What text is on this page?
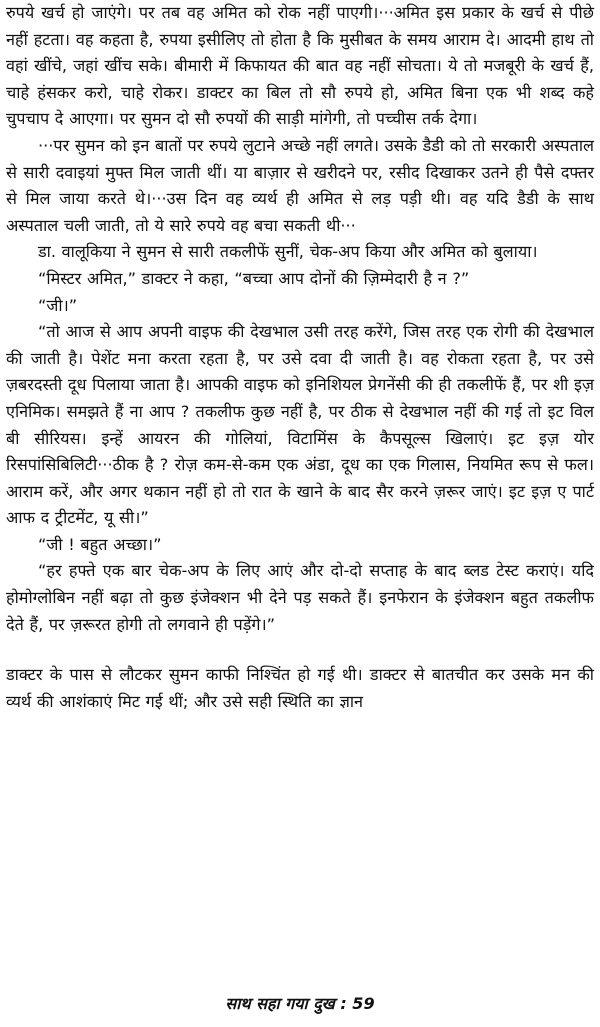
रुपये खर्च हो जाएंगे। पर तब वह अमित को रोक नहीं पाएगी।···अमित इस प्रकार के खर्च से पीछे नहीं हटता। वह कहता है, रुपया इसीलिए तो होता है कि मुसीबत के समय आराम दे। आदमी हाथ तो वहां खींचे, जहां खींच सके। बीमारी में किफायत की बात वह नहीं सोचता। ये तो मजबूरी के खर्च हैं, चाहे हंसकर करो, चाहे रोकर। डाक्टर का बिल तो सौ रुपये हो, अमित बिना एक भी शब्द कहे चुपचाप दे आएगा। पर सुमन दो सौ रुपयों की साड़ी मांगेगी, तो पच्चीस तर्क देगा।

···पर सुमन को इन बातों पर रुपये लुटाने अच्छे नहीं लगते। उसके डैडी को तो सरकारी अस्पताल से सारी दवाइयां मुफ्त मिल जाती थीं। या बाज़ार से खरीदने पर, रसीद दिखाकर उतने ही पैसे दफ्तर से मिल जाया करते थे।···उस दिन वह व्यर्थ ही अमित से लड़ पड़ी थी। वह यदि डैडी के साथ अस्पताल चली जाती, तो ये सारे रुपये वह बचा सकती थी···

डा. वालूकिया ने सुमन से सारी तकलीफें सुनीं, चेक-अप किया और अमित को बुलाया।

“मिस्टर अमित,” डाक्टर ने कहा, “बच्चा आप दोनों की ज़िम्मेदारी है न ?”

“जी।”

“तो आज से आप अपनी वाइफ की देखभाल उसी तरह करेंगे, जिस तरह एक रोगी की देखभाल की जाती है। पेशेंट मना करता रहता है, पर उसे दवा दी जाती है। वह रोकता रहता है, पर उसे ज़बरदस्ती दूध पिलाया जाता है। आपकी वाइफ को इनिशियल प्रेगनेंसी की ही तकलीफें हैं, पर शी इज़ एनिमिक। समझते हैं ना आप ? तकलीफ कुछ नहीं है, पर ठीक से देखभाल नहीं की गई तो इट विल बी सीरियस। इन्हें आयरन की गोलियां, विटामिंस के कैपसूल्स खिलाएं। इट इज़ योर रिसपांसिबिलिटी···ठीक है ? रोज़ कम-से-कम एक अंडा, दूध का एक गिलास, नियमित रूप से फल। आराम करें, और अगर थकान नहीं हो तो रात के खाने के बाद सैर करने ज़रूर जाएं। इट इज़ ए पार्ट आफ द ट्रीटमेंट, यू सी।”

“जी ! बहुत अच्छा।”

“हर हफ्ते एक बार चेक-अप के लिए आएं और दो-दो सप्ताह के बाद ब्लड टेस्ट कराएं। यदि होमोग्लोबिन नहीं बढ़ा तो कुछ इंजेक्शन भी देने पड़ सकते हैं। इनफेरान के इंजेक्शन बहुत तकलीफ देते हैं, पर ज़रूरत होगी तो लगवाने ही पड़ेंगे।”

डाक्टर के पास से लौटकर सुमन काफी निश्चिंत हो गई थी। डाक्टर से बातचीत कर उसके मन की व्यर्थ की आशंकाएं मिट गई थीं; और उसे सही स्थिति का ज्ञान

साथ सहा गया दुख : 59
